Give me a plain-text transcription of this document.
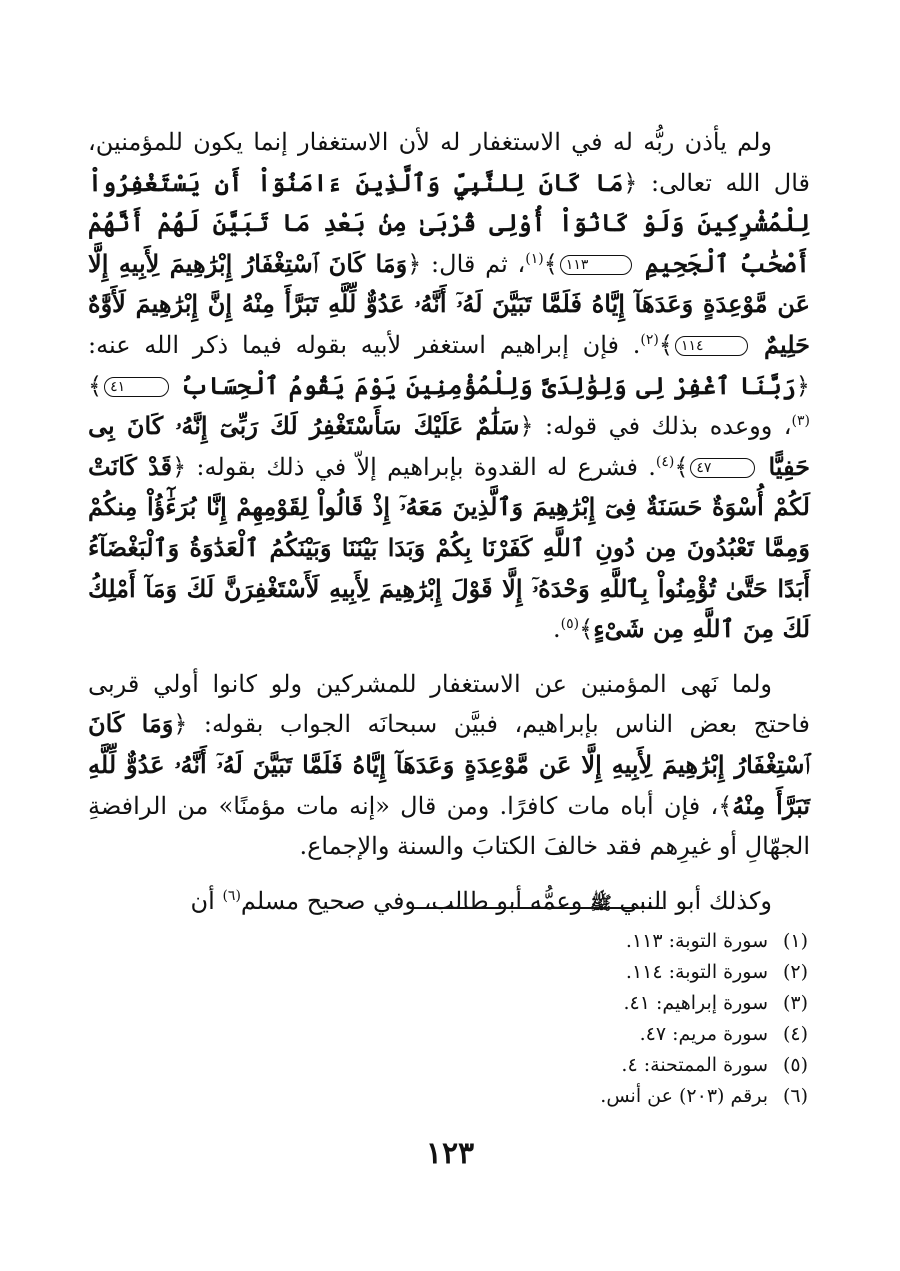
ولم يأذن ربُّه له في الاستغفار له لأن الاستغفار إنما يكون للمؤمنين، قال الله تعالى: ﴿مَا كَانَ لِلنَّبِيِّ وَٱلَّذِينَ ءَامَنُوٓاْ أَن يَسْتَغْفِرُواْ لِلْمُشْرِكِينَ وَلَوْ كَانُوٓاْ أُوْلِى قُرْبَىٰ مِنۢ بَعْدِ مَا تَبَيَّنَ لَهُمْ أَنَّهُمْ أَصْحَٰبُ ٱلْجَحِيمِ ١١٣﴾$^{(١)}$، ثم قال: ﴿وَمَا كَانَ ٱسْتِغْفَارُ إِبْرَٰهِيمَ لِأَبِيهِ إِلَّا عَن مَّوْعِدَةٍ وَعَدَهَآ إِيَّاهُ فَلَمَّا تَبَيَّنَ لَهُۥٓ أَنَّهُۥ عَدُوٌّ لِّلَّهِ تَبَرَّأَ مِنْهُ إِنَّ إِبْرَٰهِيمَ لَأَوَّٰهٌ حَلِيمٌ ١١٤﴾$^{(٢)}$. فإن إبراهيم استغفر لأبيه بقوله فيما ذكر الله عنه: ﴿رَبَّنَا ٱغْفِرْ لِى وَلِوَٰلِدَىَّ وَلِلْمُؤْمِنِينَ يَوْمَ يَقُومُ ٱلْحِسَابُ ٤١﴾$^{(٣)}$، ووعده بذلك في قوله: ﴿سَلَٰمٌ عَلَيْكَ سَأَسْتَغْفِرُ لَكَ رَبِّىٓ إِنَّهُۥ كَانَ بِى حَفِيًّا ٤٧﴾$^{(٤)}$. فشرع له القدوة بإبراهيم إلاّ في ذلك بقوله: ﴿قَدْ كَانَتْ لَكُمْ أُسْوَةٌ حَسَنَةٌ فِىٓ إِبْرَٰهِيمَ وَٱلَّذِينَ مَعَهُۥٓ إِذْ قَالُواْ لِقَوْمِهِمْ إِنَّا بُرَءَٰٓؤُاْ مِنكُمْ وَمِمَّا تَعْبُدُونَ مِن دُونِ ٱللَّهِ كَفَرْنَا بِكُمْ وَبَدَا بَيْنَنَا وَبَيْنَكُمُ ٱلْعَدَٰوَةُ وَٱلْبَغْضَآءُ أَبَدًا حَتَّىٰ تُؤْمِنُواْ بِٱللَّهِ وَحْدَهُۥٓ إِلَّا قَوْلَ إِبْرَٰهِيمَ لِأَبِيهِ لَأَسْتَغْفِرَنَّ لَكَ وَمَآ أَمْلِكُ لَكَ مِنَ ٱللَّهِ مِن شَىْءٍ﴾$^{(٥)}$.

ولما نَهى المؤمنين عن الاستغفار للمشركين ولو كانوا أولي قربى فاحتج بعض الناس بإبراهيم، فبيَّن سبحانَه الجواب بقوله: ﴿وَمَا كَانَ ٱسْتِغْفَارُ إِبْرَٰهِيمَ لِأَبِيهِ إِلَّا عَن مَّوْعِدَةٍ وَعَدَهَآ إِيَّاهُ فَلَمَّا تَبَيَّنَ لَهُۥٓ أَنَّهُۥ عَدُوٌّ لِّلَّهِ تَبَرَّأَ مِنْهُ﴾، فإن أباه مات كافرًا. ومن قال «إنه مات مؤمنًا» من الرافضةِ الجهّالِ أو غيرِهم فقد خالفَ الكتابَ والسنة والإجماع.

وكذلك أبو النبي ﷺ وعمُّه أبو طالب، وفي صحيح مسلم$^{(٦)}$ أن

(١)سورة التوبة: ١١٣.
(٢)سورة التوبة: ١١٤.
(٣)سورة إبراهيم: ٤١.
(٤)سورة مريم: ٤٧.
(٥)سورة الممتحنة: ٤.
(٦)برقم (٢٠٣) عن أنس.
١٢٣
